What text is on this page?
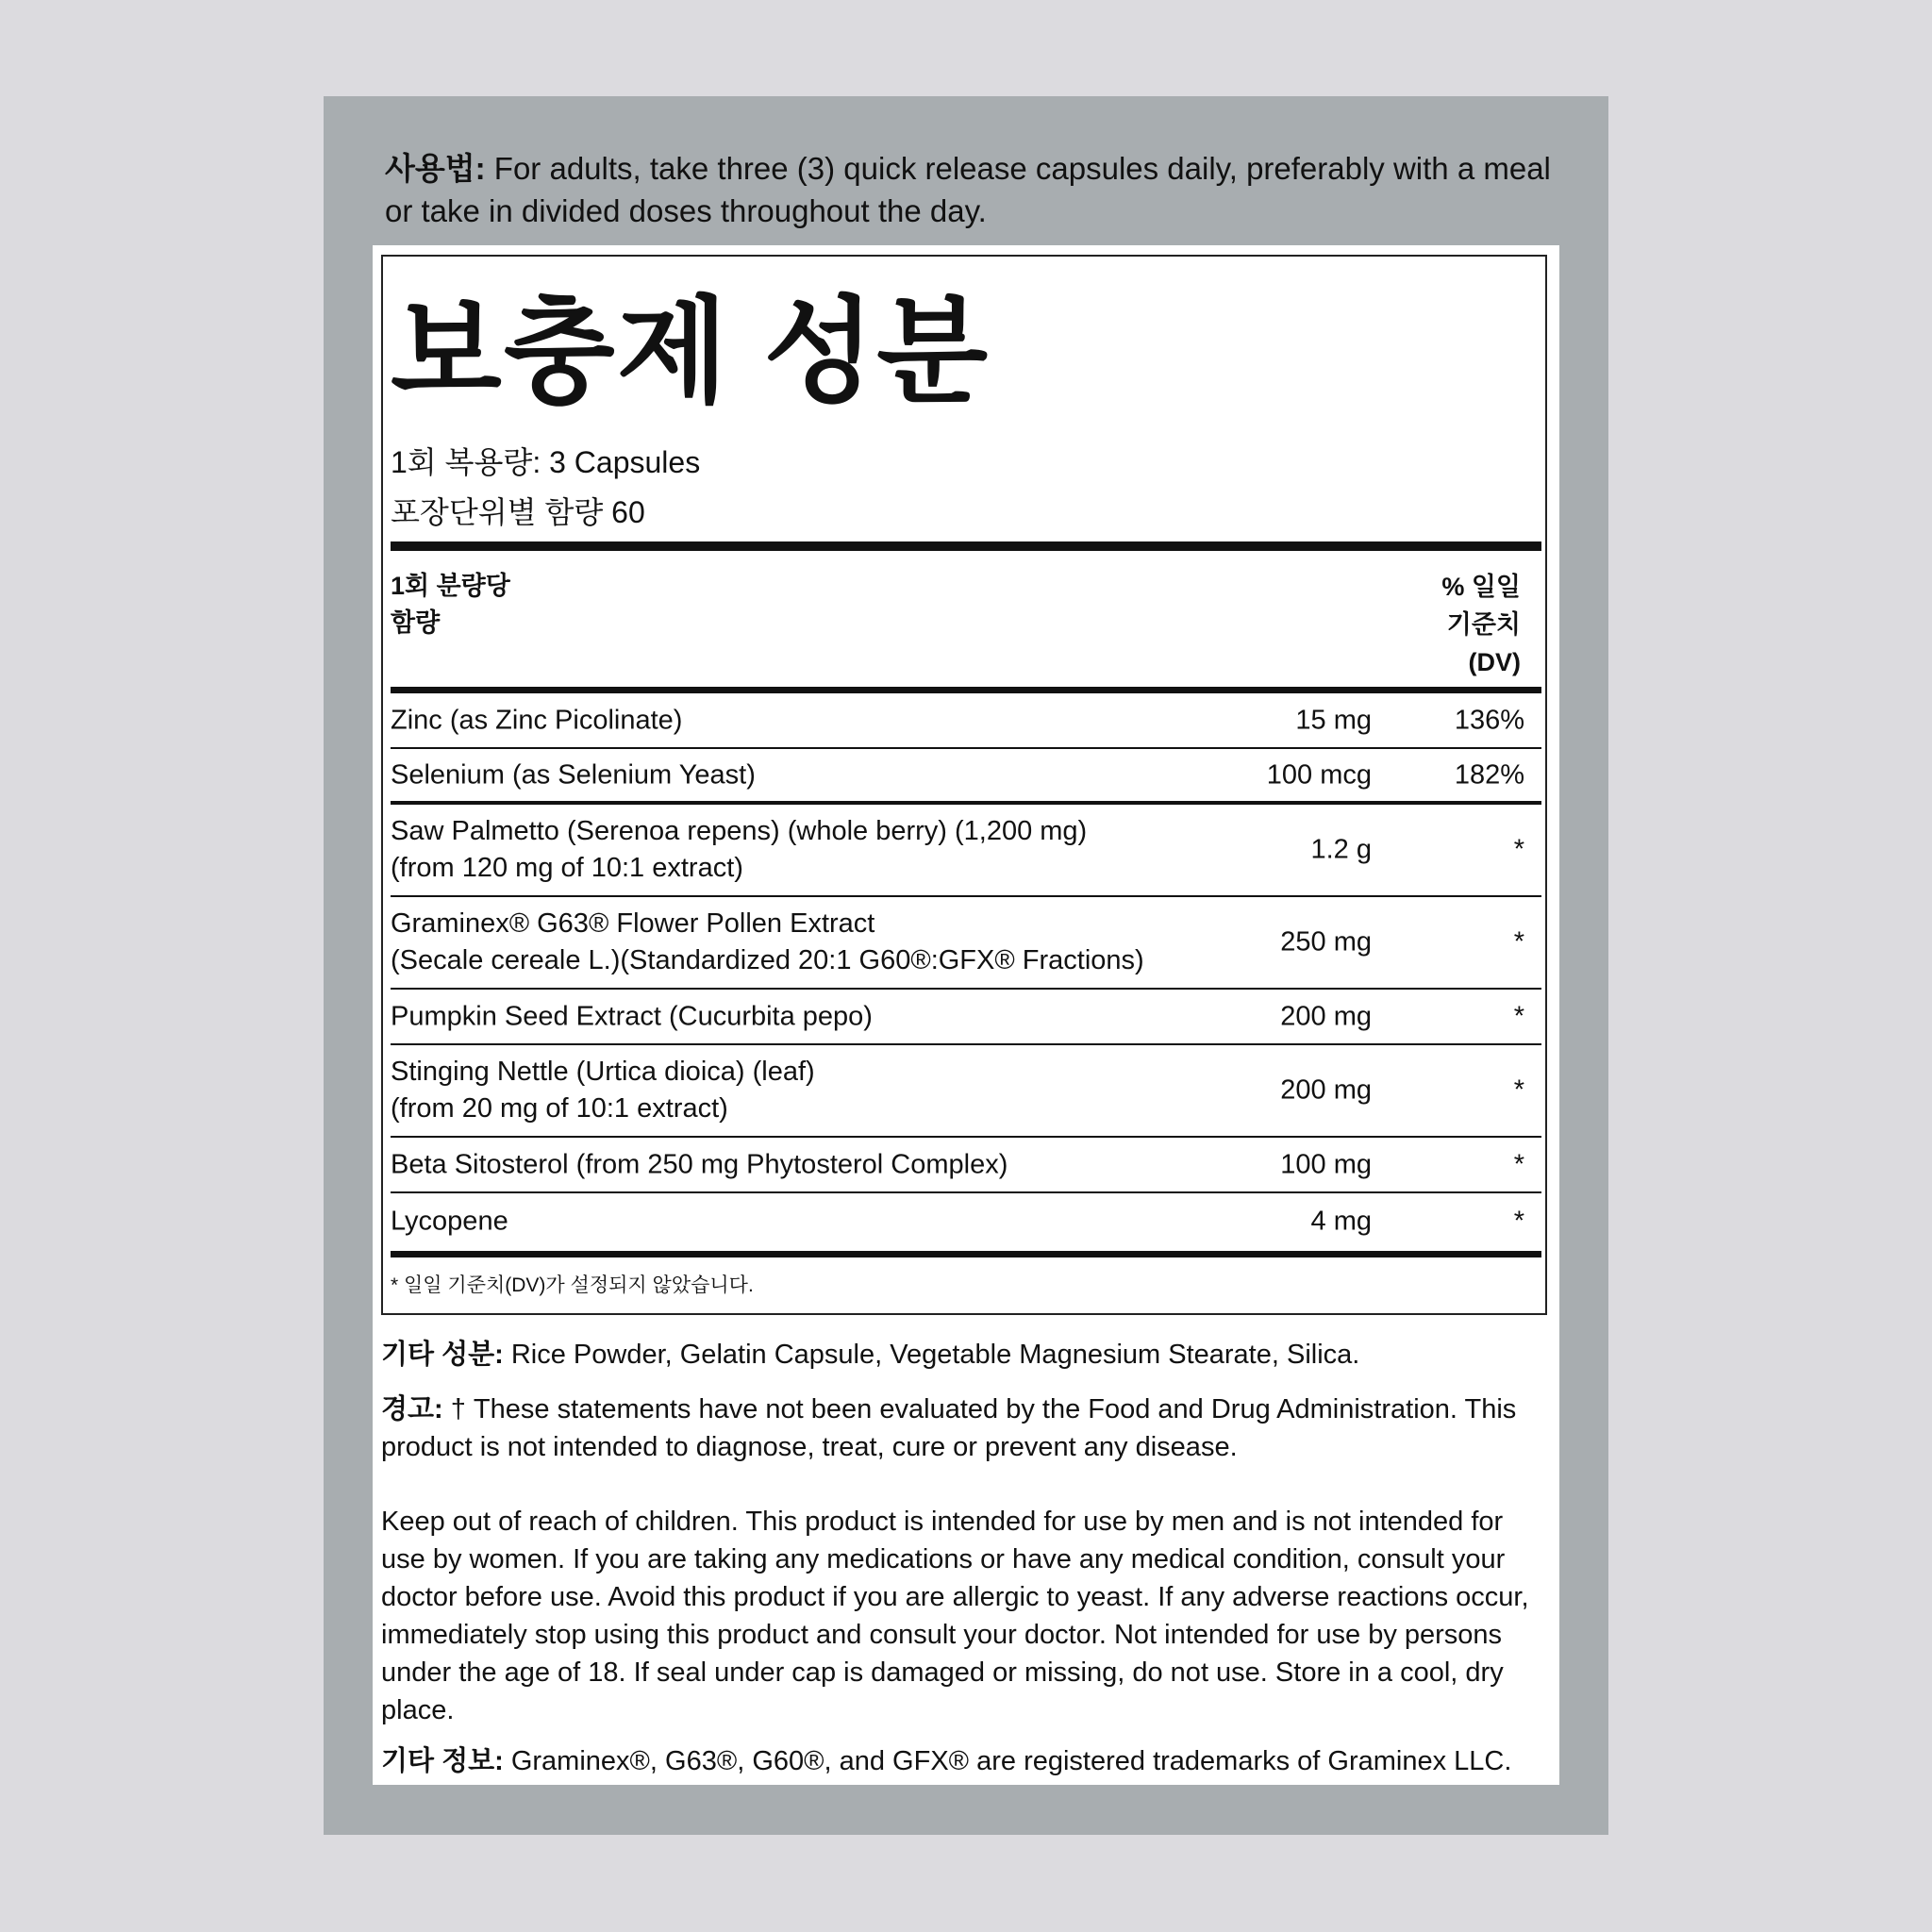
사용법: For adults, take three (3) quick release capsules daily, preferably with a meal or take in divided doses throughout the day.
보충제 성분
1회 복용량: 3 Capsules
포장단위별 함량 60
1회 분량당
함량
% 일일
기준치
(DV)
Zinc (as Zinc Picolinate)	15 mg	136%
Selenium (as Selenium Yeast)	100 mcg	182%
Saw Palmetto (Serenoa repens) (whole berry) (1,200 mg)
(from 120 mg of 10:1 extract)
1.2 g	*
Graminex® G63® Flower Pollen Extract
(Secale cereale L.)(Standardized 20:1 G60®:GFX® Fractions)
250 mg	*
Pumpkin Seed Extract (Cucurbita pepo)	200 mg	*
Stinging Nettle (Urtica dioica) (leaf)
(from 20 mg of 10:1 extract)
200 mg	*
Beta Sitosterol (from 250 mg Phytosterol Complex)	100 mg	*
Lycopene	4 mg	*
* 일일 기준치(DV)가 설정되지 않았습니다.
기타 성분: Rice Powder, Gelatin Capsule, Vegetable Magnesium Stearate, Silica.
경고: † These statements have not been evaluated by the Food and Drug Administration. This product is not intended to diagnose, treat, cure or prevent any disease.
Keep out of reach of children. This product is intended for use by men and is not intended for use by women. If you are taking any medications or have any medical condition, consult your doctor before use. Avoid this product if you are allergic to yeast. If any adverse reactions occur, immediately stop using this product and consult your doctor. Not intended for use by persons under the age of 18. If seal under cap is damaged or missing, do not use. Store in a cool, dry place.
기타 정보: Graminex®, G63®, G60®, and GFX® are registered trademarks of Graminex LLC.
